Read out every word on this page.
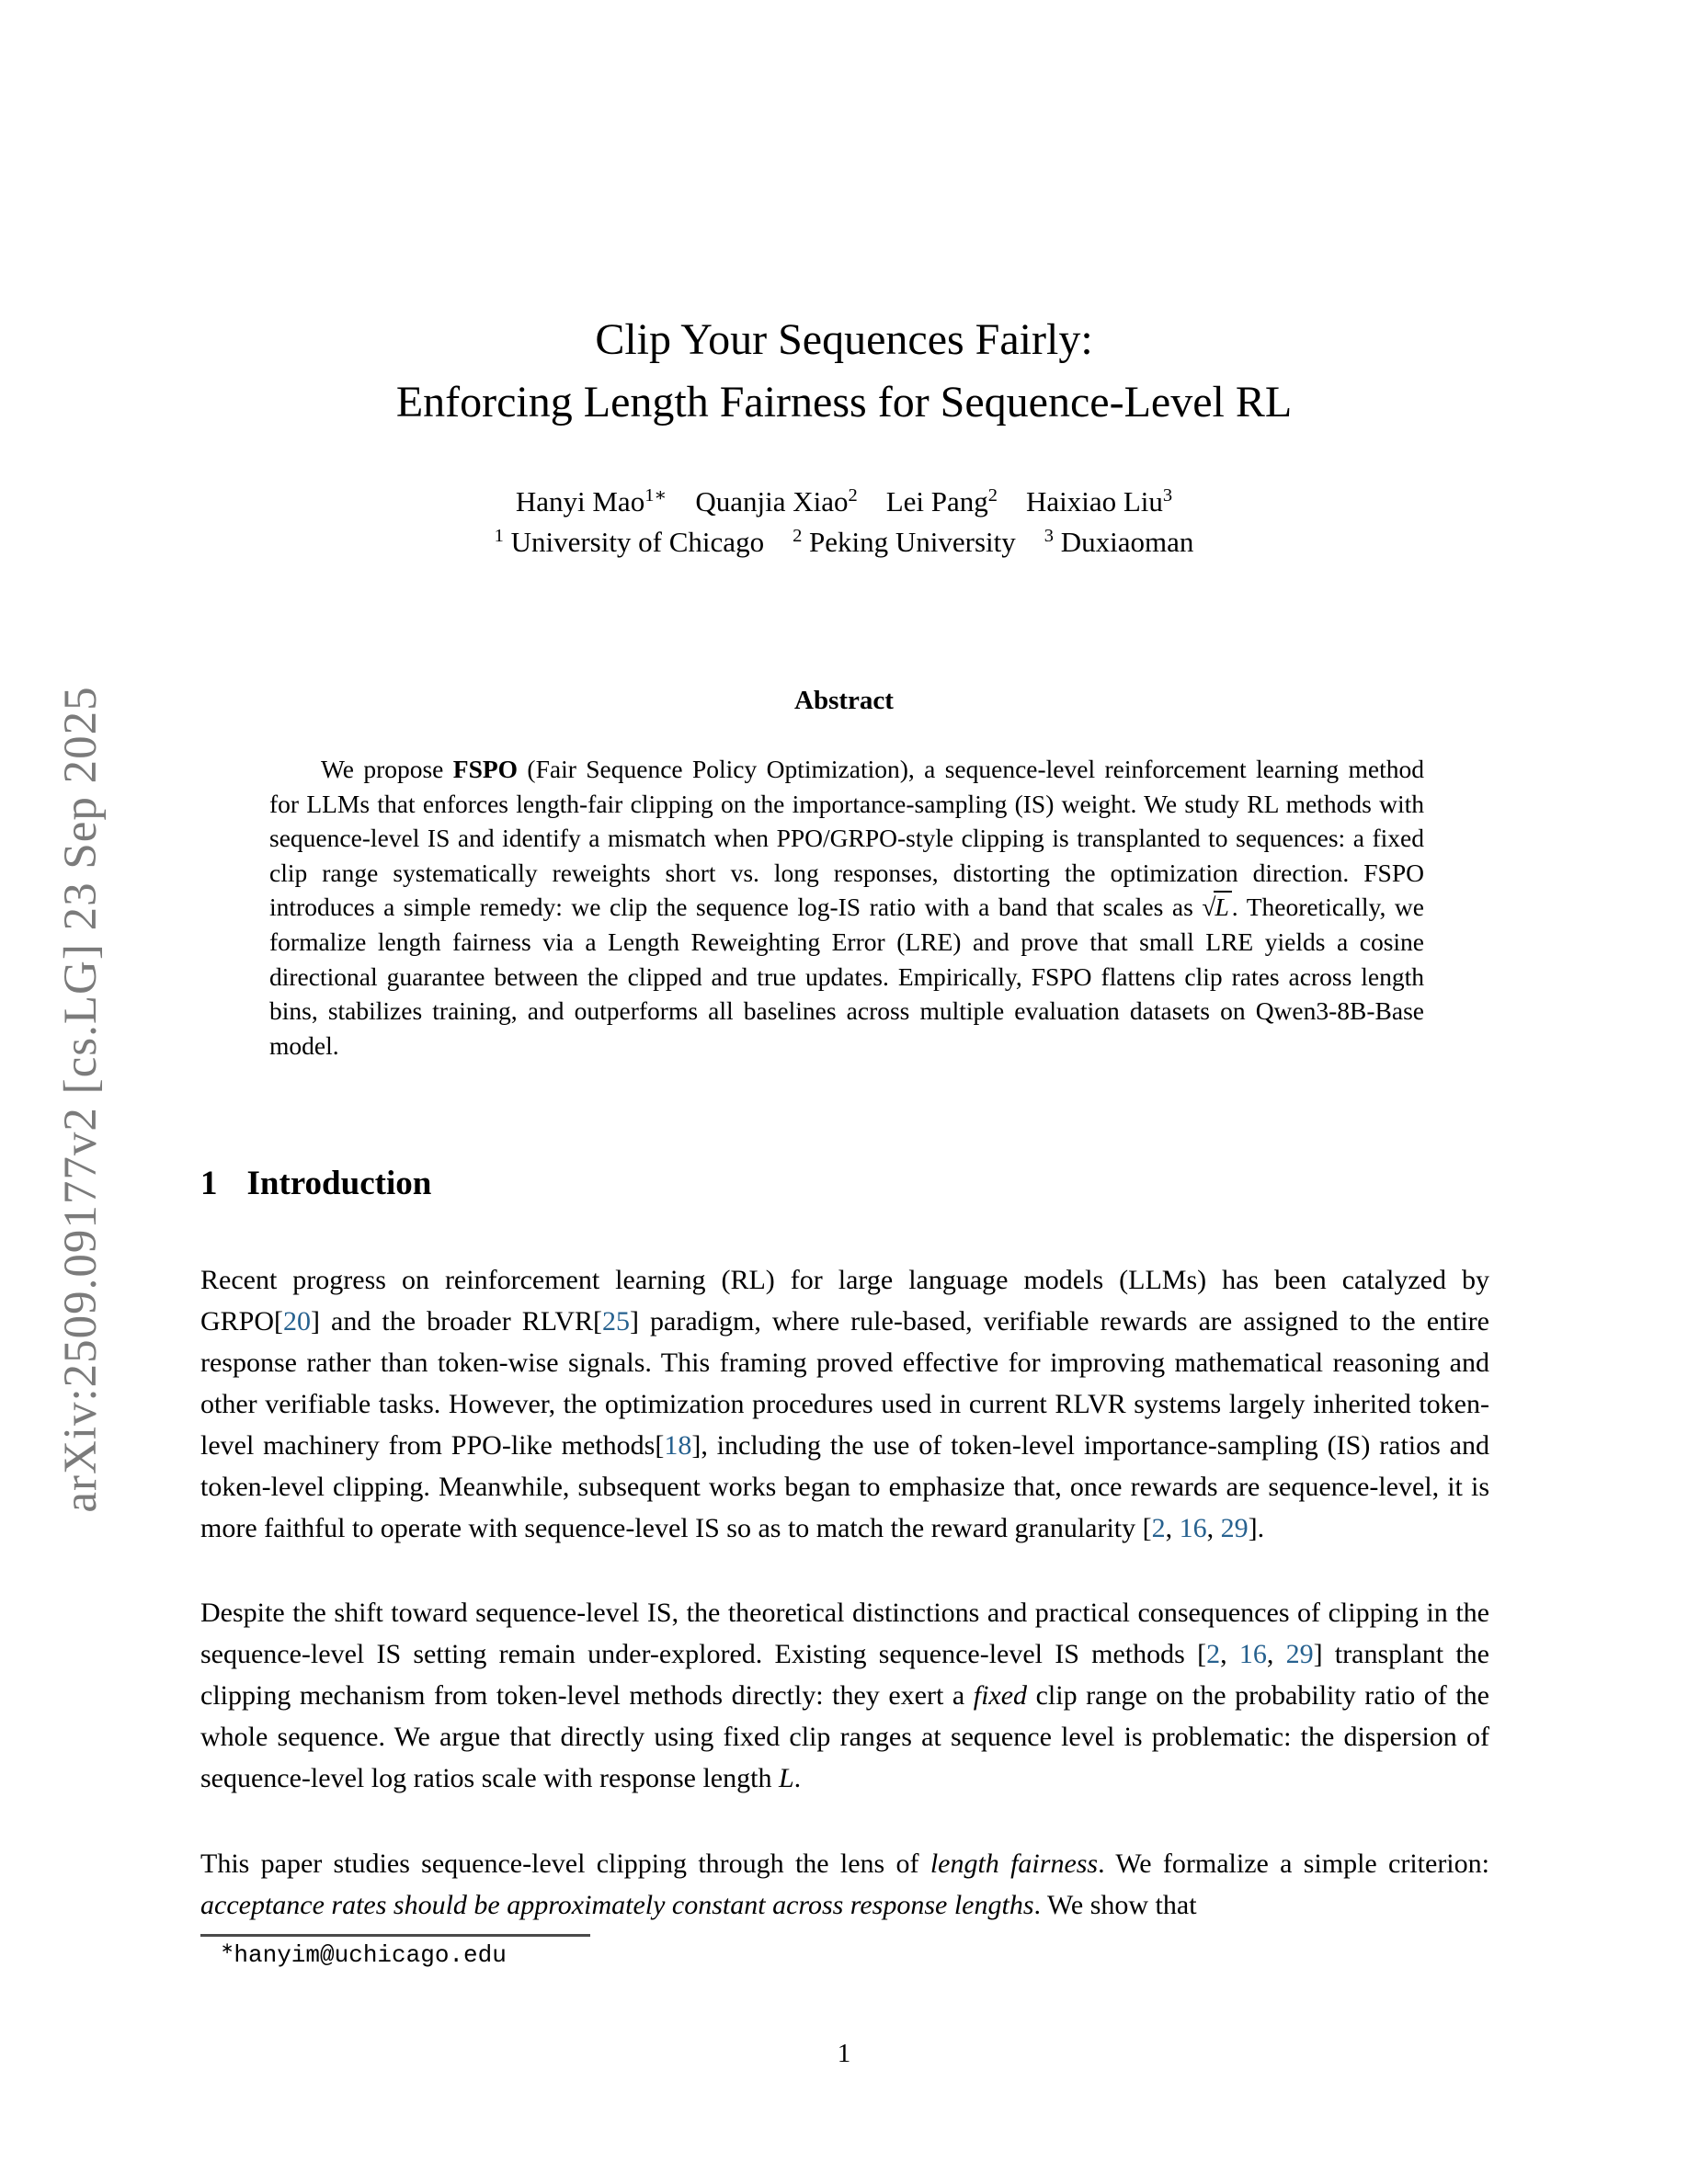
arXiv:2509.09177v2 [cs.LG] 23 Sep 2025
Clip Your Sequences Fairly:
Enforcing Length Fairness for Sequence-Level RL
Hanyi Mao$^{1∗}$  Quanjia Xiao$^2$  Lei Pang$^2$  Haixiao Liu$^3$
$^1$ University of Chicago $^2$ Peking University $^3$ Duxiaoman
Abstract
We propose FSPO (Fair Sequence Policy Optimization), a sequence-level reinforcement learning method for LLMs that enforces length-fair clipping on the importance-sampling (IS) weight. We study RL methods with sequence-level IS and identify a mismatch when PPO/GRPO-style clipping is transplanted to sequences: a fixed clip range systematically reweights short vs. long responses, distorting the optimization direction. FSPO introduces a simple remedy: we clip the sequence log-IS ratio with a band that scales as √L . Theoretically, we formalize length fairness via a Length Reweighting Error (LRE) and prove that small LRE yields a cosine directional guarantee between the clipped and true updates. Empirically, FSPO flattens clip rates across length bins, stabilizes training, and outperforms all baselines across multiple evaluation datasets on Qwen3-8B-Base model.
1 Introduction
Recent progress on reinforcement learning (RL) for large language models (LLMs) has been catalyzed by GRPO[20] and the broader RLVR[25] paradigm, where rule-based, verifiable rewards are assigned to the entire response rather than token-wise signals. This framing proved effective for improving mathematical reasoning and other verifiable tasks. However, the optimization procedures used in current RLVR systems largely inherited token-level machinery from PPO-like methods[18], including the use of token-level importance-sampling (IS) ratios and token-level clipping. Meanwhile, subsequent works began to emphasize that, once rewards are sequence-level, it is more faithful to operate with sequence-level IS so as to match the reward granularity [2, 16, 29].
Despite the shift toward sequence-level IS, the theoretical distinctions and practical consequences of clipping in the sequence-level IS setting remain under-explored. Existing sequence-level IS methods [2, 16, 29] transplant the clipping mechanism from token-level methods directly: they exert a fixed clip range on the probability ratio of the whole sequence. We argue that directly using fixed clip ranges at sequence level is problematic: the dispersion of sequence-level log ratios scale with response length L.
This paper studies sequence-level clipping through the lens of length fairness. We formalize a simple criterion: acceptance rates should be approximately constant across response lengths. We show that
∗hanyim@uchicago.edu
1
